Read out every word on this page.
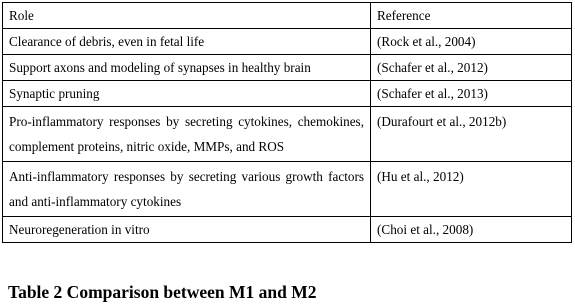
Role	Reference
Clearance of debris, even in fetal life	(Rock et al., 2004)
Support axons and modeling of synapses in healthy brain	(Schafer et al., 2012)
Synaptic pruning	(Schafer et al., 2013)
Pro-inflammatory responses by secreting cytokines, chemokines, complement proteins, nitric oxide, MMPs, and ROS	(Durafourt et al., 2012b)
Anti-inflammatory responses by secreting various growth factors and anti-inflammatory cytokines	(Hu et al., 2012)
Neuroregeneration in vitro	(Choi et al., 2008)
Table 2 Comparison between M1 and M2
